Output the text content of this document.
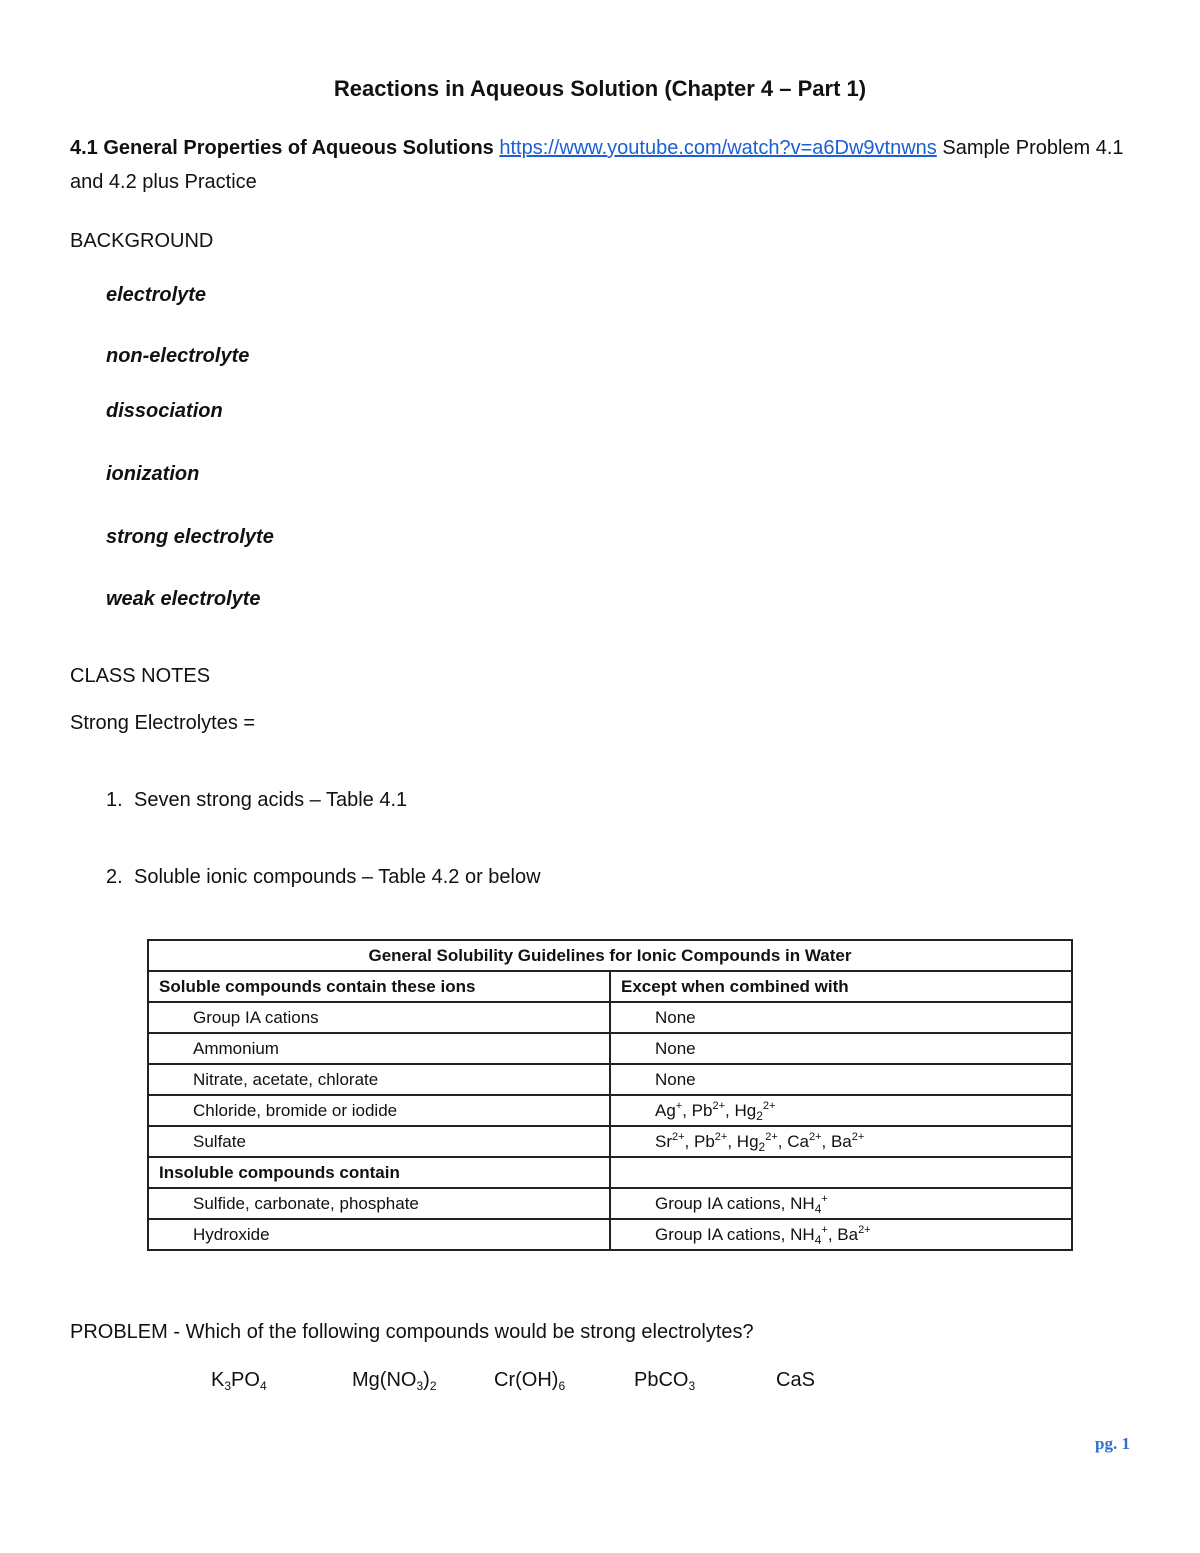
Reactions in Aqueous Solution (Chapter 4 – Part 1)
4.1 General Properties of Aqueous Solutions https://www.youtube.com/watch?v=a6Dw9vtnwns Sample Problem 4.1 and 4.2 plus Practice
BACKGROUND
electrolyte
non-electrolyte
dissociation
ionization
strong electrolyte
weak electrolyte
CLASS NOTES
Strong Electrolytes =
1. Seven strong acids – Table 4.1
2. Soluble ionic compounds – Table 4.2 or below
General Solubility Guidelines for Ionic Compounds in Water	
Soluble compounds contain these ions	Except when combined with
Group IA cations	None
Ammonium	None
Nitrate, acetate, chlorate	None
Chloride, bromide or iodide	Ag+, $Pb^{2+}$, $Hg_2^{2+}$
Sulfate	$Sr^{2+}$, $Pb^{2+}$, $Hg_2^{2+}$, $Ca^{2+}$, $Ba^{2+}$
Insoluble compounds contain	
Sulfide, carbonate, phosphate	Group IA cations, $NH_4^+$
Hydroxide	Group IA cations, $NH_4^+$, $Ba^{2+}$
PROBLEM - Which of the following compounds would be strong electrolytes?
$K_3PO_4$	$Mg(NO_3)_2$	$Cr(OH)_6$	PbCO$_3$	CaS
pg. 1
